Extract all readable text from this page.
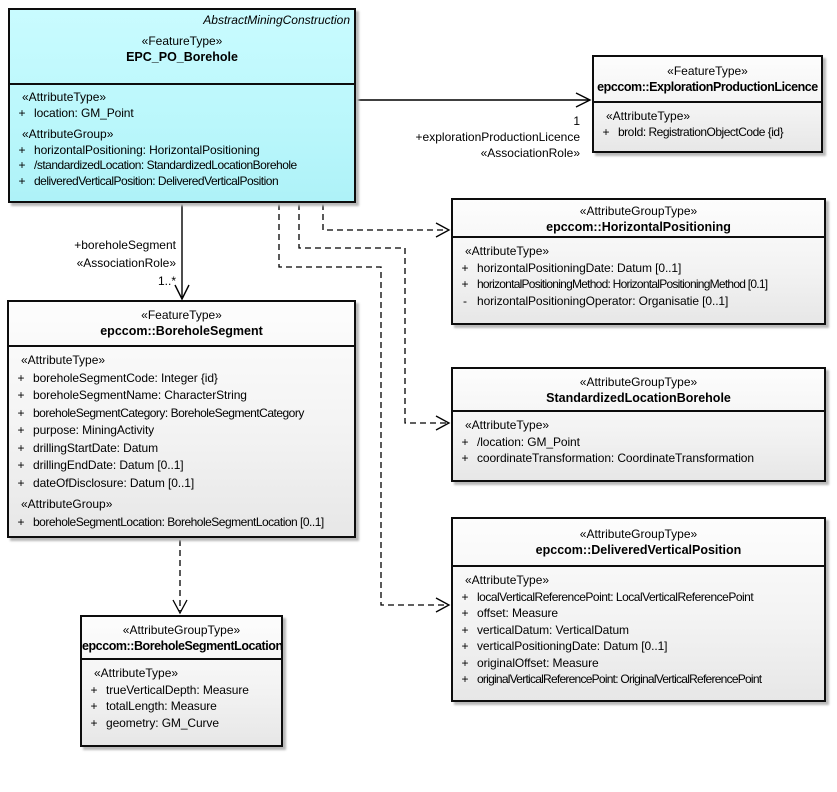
AbstractMiningConstruction
«FeatureType»
EPC_PO_Borehole
«AttributeType»
+ location: GM_Point
«AttributeGroup»
+ horizontalPositioning: HorizontalPositioning
+ /standardizedLocation: StandardizedLocationBorehole
+ deliveredVerticalPosition: DeliveredVerticalPosition
«FeatureType»
epccom::ExplorationProductionLicence
«AttributeType»
+ broId: RegistrationObjectCode {id}
«AttributeGroupType»
epccom::HorizontalPositioning
«AttributeType»
+ horizontalPositioningDate: Datum [0..1]
+ horizontalPositioningMethod: HorizontalPositioningMethod [0.1]
- horizontalPositioningOperator: Organisatie [0..1]
«AttributeGroupType»
StandardizedLocationBorehole
«AttributeType»
+ /location: GM_Point
+ coordinateTransformation: CoordinateTransformation
«AttributeGroupType»
epccom::DeliveredVerticalPosition
«AttributeType»
+ localVerticalReferencePoint: LocalVerticalReferencePoint
+ offset: Measure
+ verticalDatum: VerticalDatum
+ verticalPositioningDate: Datum [0..1]
+ originalOffset: Measure
+ originalVerticalReferencePoint: OriginalVerticalReferencePoint
«FeatureType»
epccom::BoreholeSegment
«AttributeType»
+ boreholeSegmentCode: Integer {id}
+ boreholeSegmentName: CharacterString
+ boreholeSegmentCategory: BoreholeSegmentCategory
+ purpose: MiningActivity
+ drillingStartDate: Datum
+ drillingEndDate: Datum [0..1]
+ dateOfDisclosure: Datum [0..1]
«AttributeGroup»
+ boreholeSegmentLocation: BoreholeSegmentLocation [0..1]
«AttributeGroupType»
epccom::BoreholeSegmentLocation
«AttributeType»
+ trueVerticalDepth: Measure
+ totalLength: Measure
+ geometry: GM_Curve
1
+explorationProductionLicence
«AssociationRole»
+boreholeSegment
«AssociationRole»
1..*
